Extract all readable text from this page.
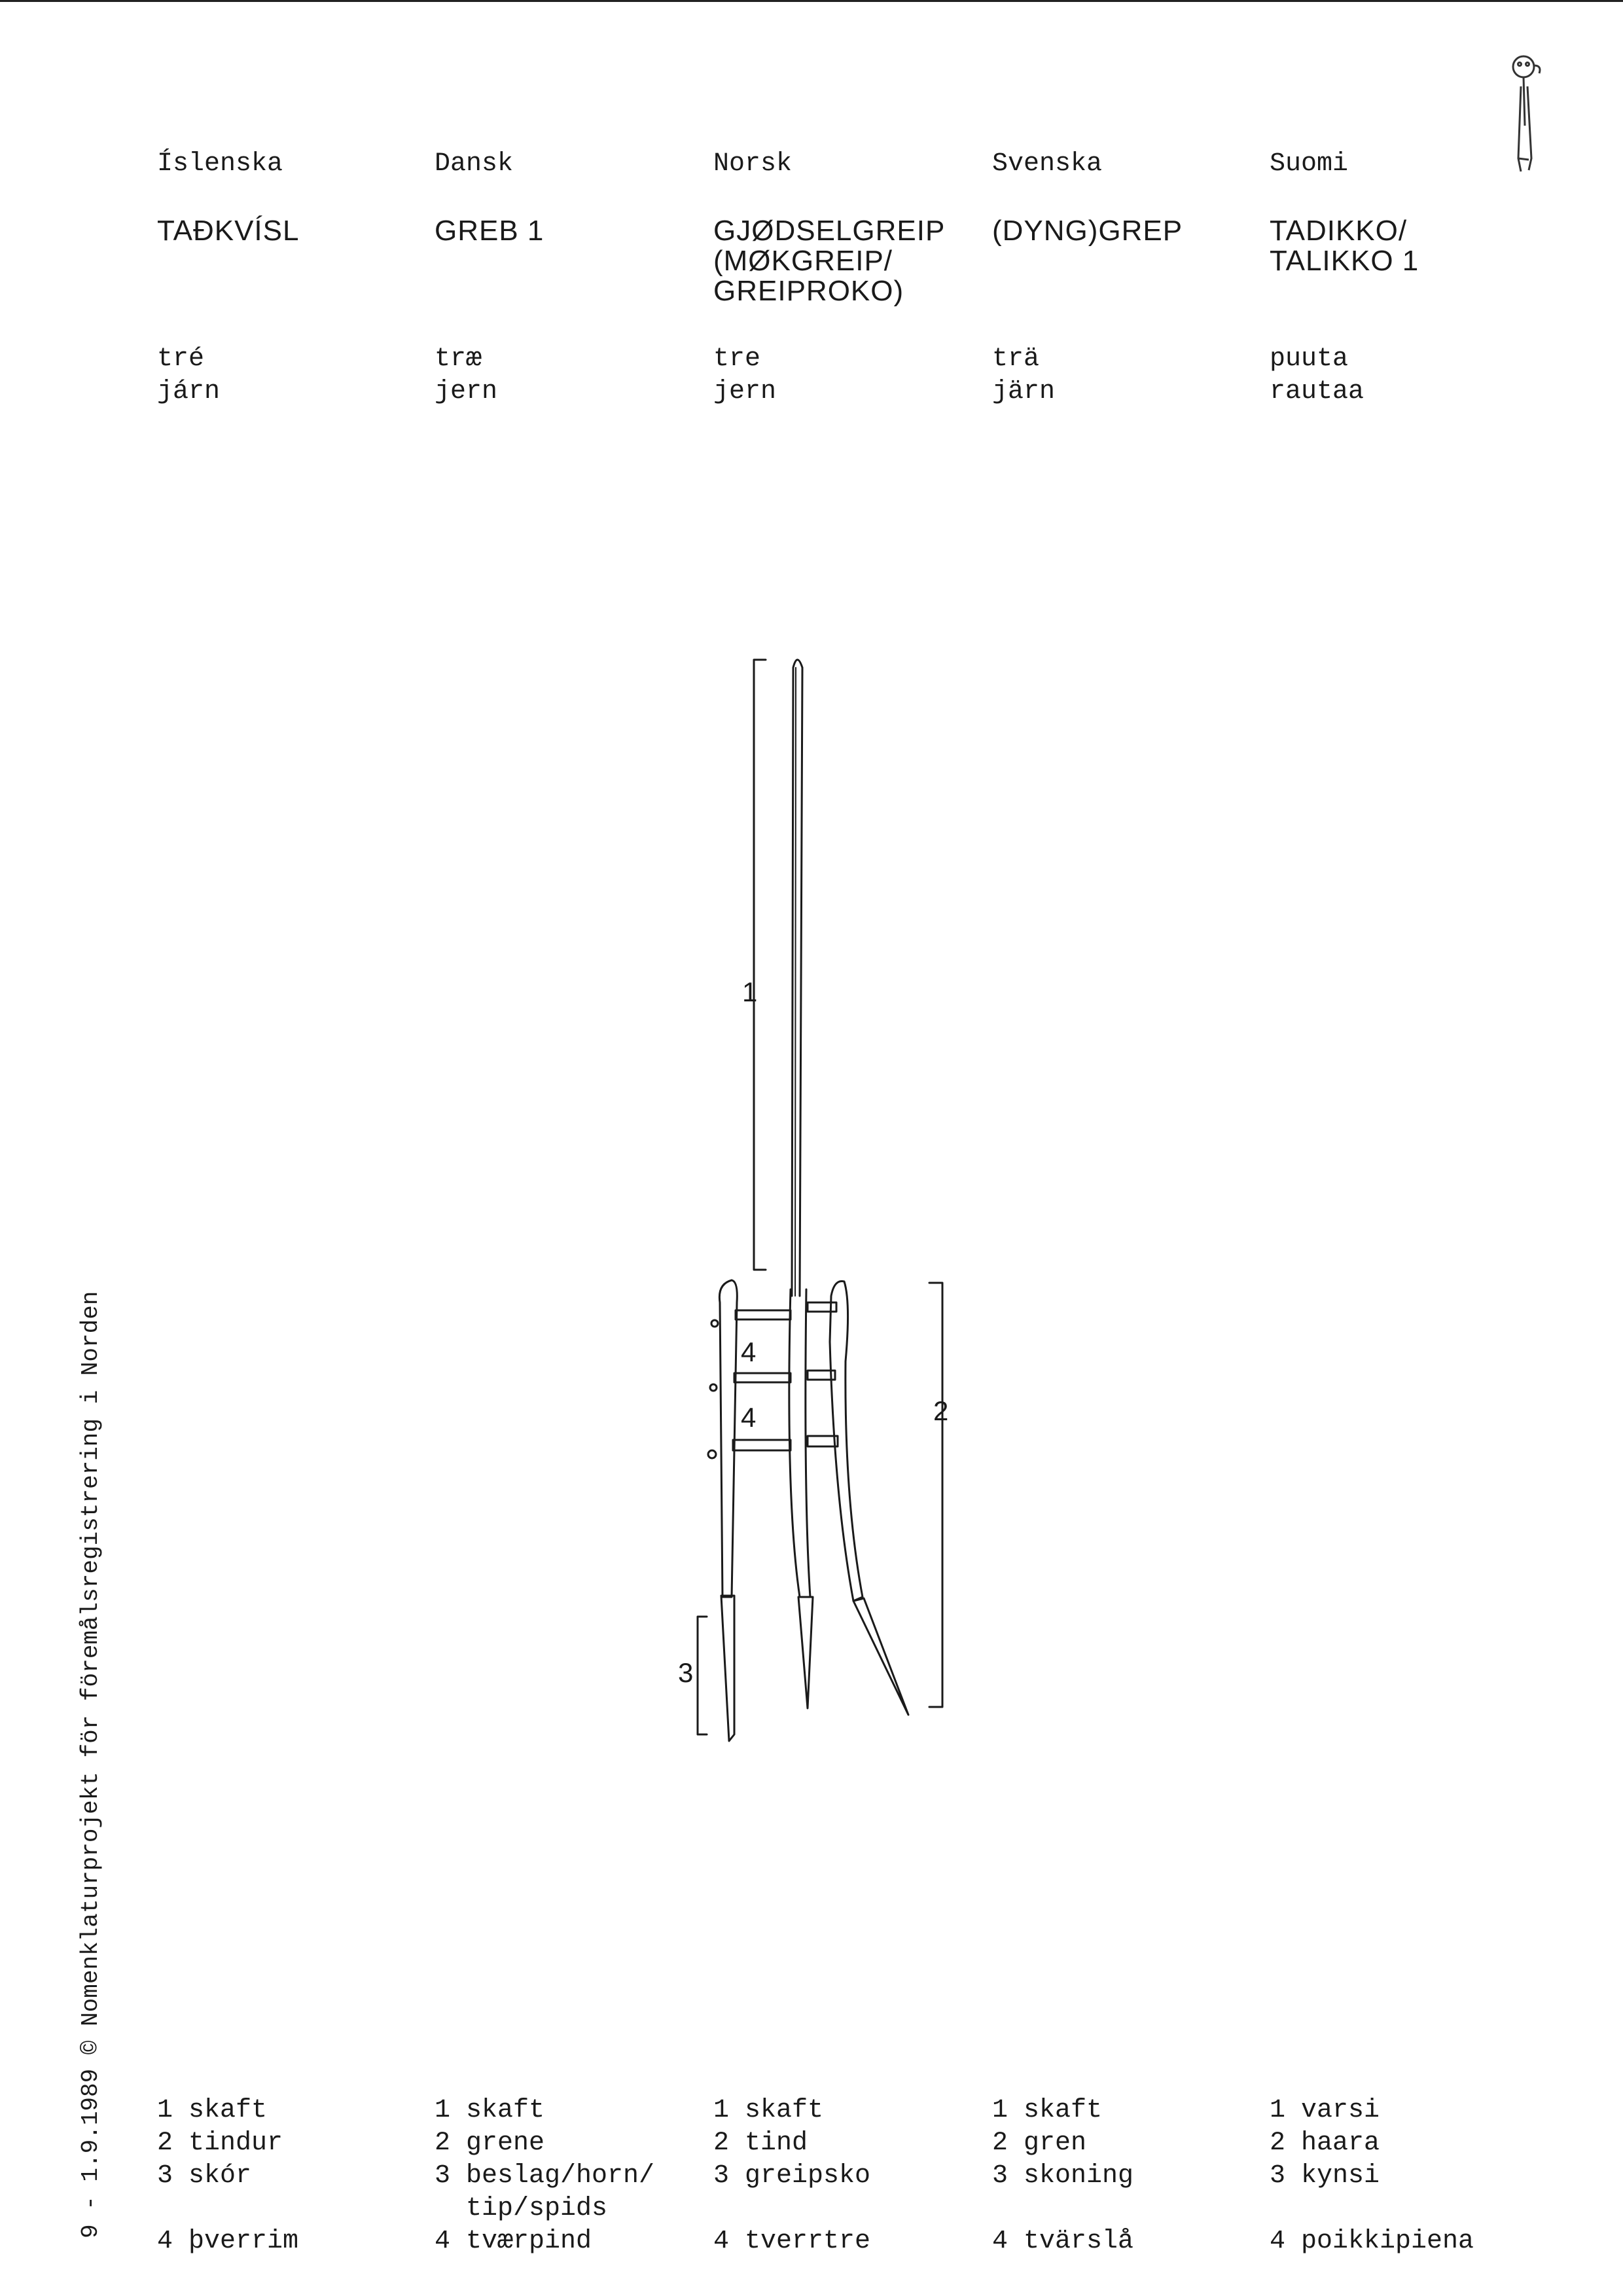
Íslenska
TAÐKVÍSL
tré
járn
1 skaft
2 tindur
3 skór
4 þverrim
Dansk
GREB 1
træ
jern
1 skaft
2 grene
3 beslag/horn/
tip/spids
4 tværpind
Norsk
GJØDSELGREIP
(MØKGREIP/
GREIPROKO)
tre
jern
1 skaft
2 tind
3 greipsko
4 tverrtre
Svenska
(DYNG)GREP
trä
järn
1 skaft
2 gren
3 skoning
4 tvärslå
Suomi
TADIKKO/
TALIKKO 1
puuta
rautaa
1 varsi
2 haara
3 kynsi
4 poikkipiena
9 - 1.9.1989 © Nomenklaturprojekt för föremålsregistrering i Norden
1
2
3
4
4
